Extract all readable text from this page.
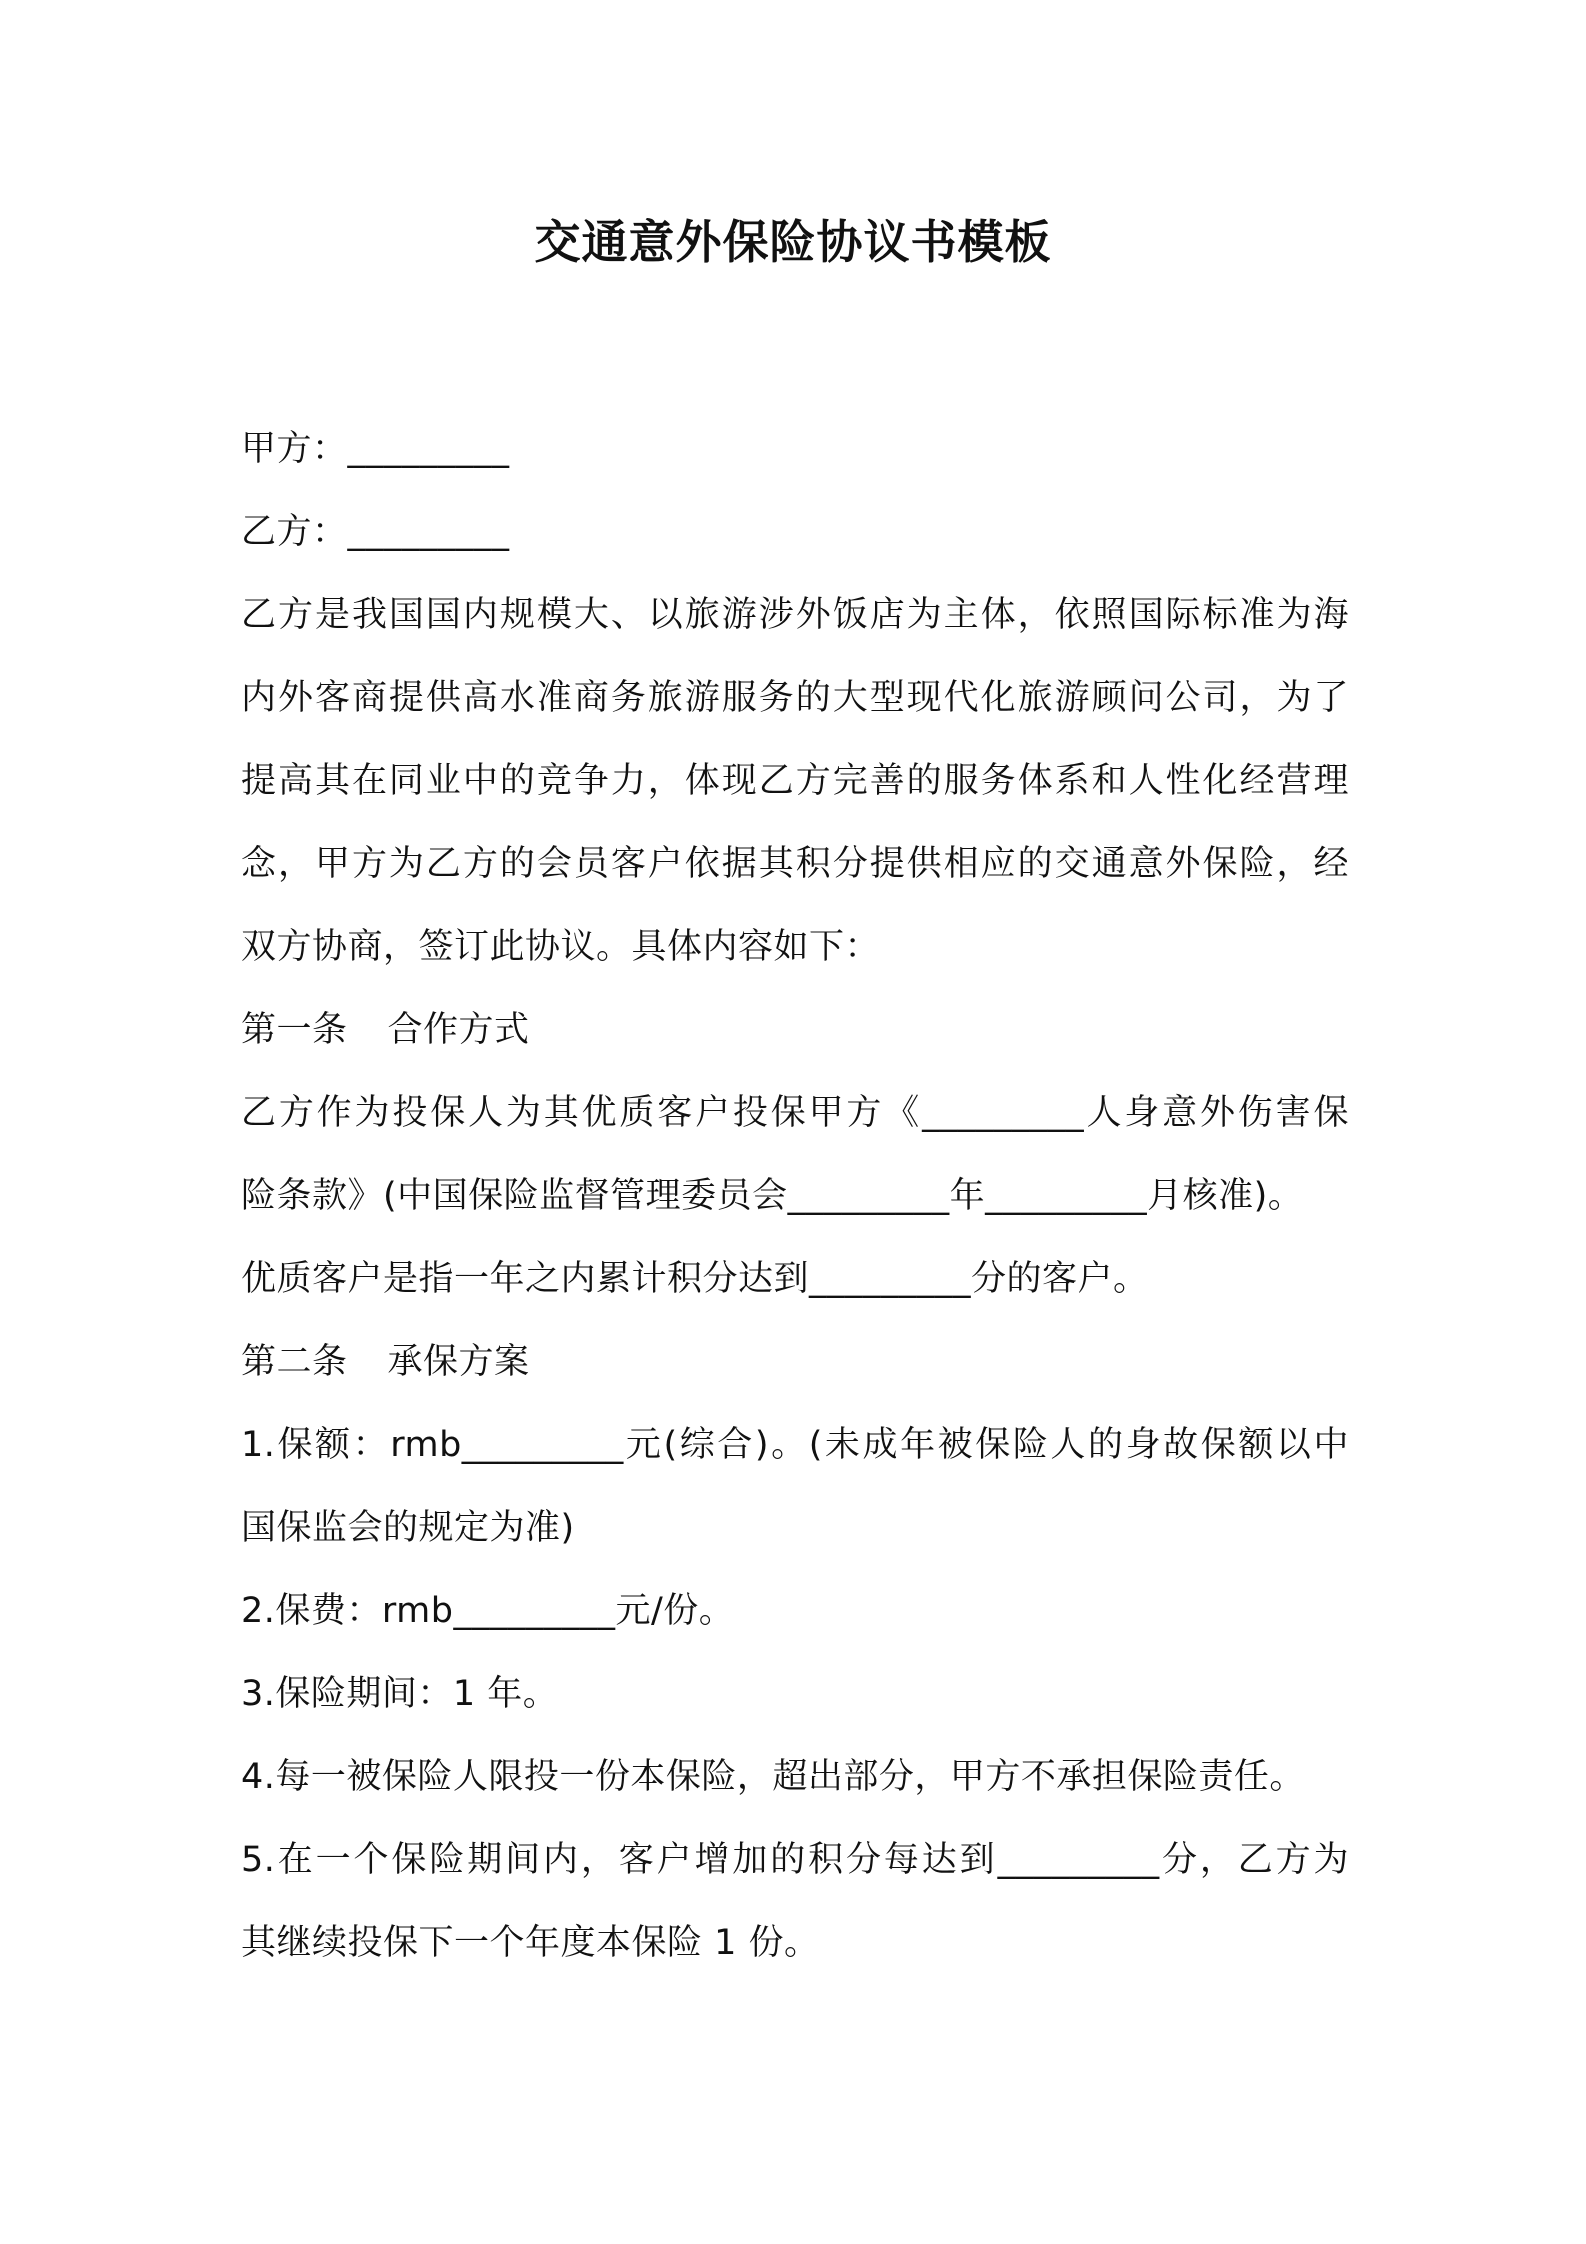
交通意外保险协议书模板
甲方：_________
乙方：_________
乙方是我国国内规模大、以旅游涉外饭店为主体，依照国际标准为海
内外客商提供高水准商务旅游服务的大型现代化旅游顾问公司，为了
提高其在同业中的竞争力，体现乙方完善的服务体系和人性化经营理
念，甲方为乙方的会员客户依据其积分提供相应的交通意外保险，经
双方协商，签订此协议。具体内容如下：
第一条 合作方式
乙方作为投保人为其优质客户投保甲方《_________人身意外伤害保
险条款》(中国保险监督管理委员会_________年_________月核准)。
优质客户是指一年之内累计积分达到_________分的客户。
第二条 承保方案
1.保额：rmb_________元(综合)。(未成年被保险人的身故保额以中
国保监会的规定为准)
2.保费：rmb_________元/份。
3.保险期间：1 年。
4.每一被保险人限投一份本保险，超出部分，甲方不承担保险责任。
5.在一个保险期间内，客户增加的积分每达到_________分，乙方为
其继续投保下一个年度本保险 1 份。
